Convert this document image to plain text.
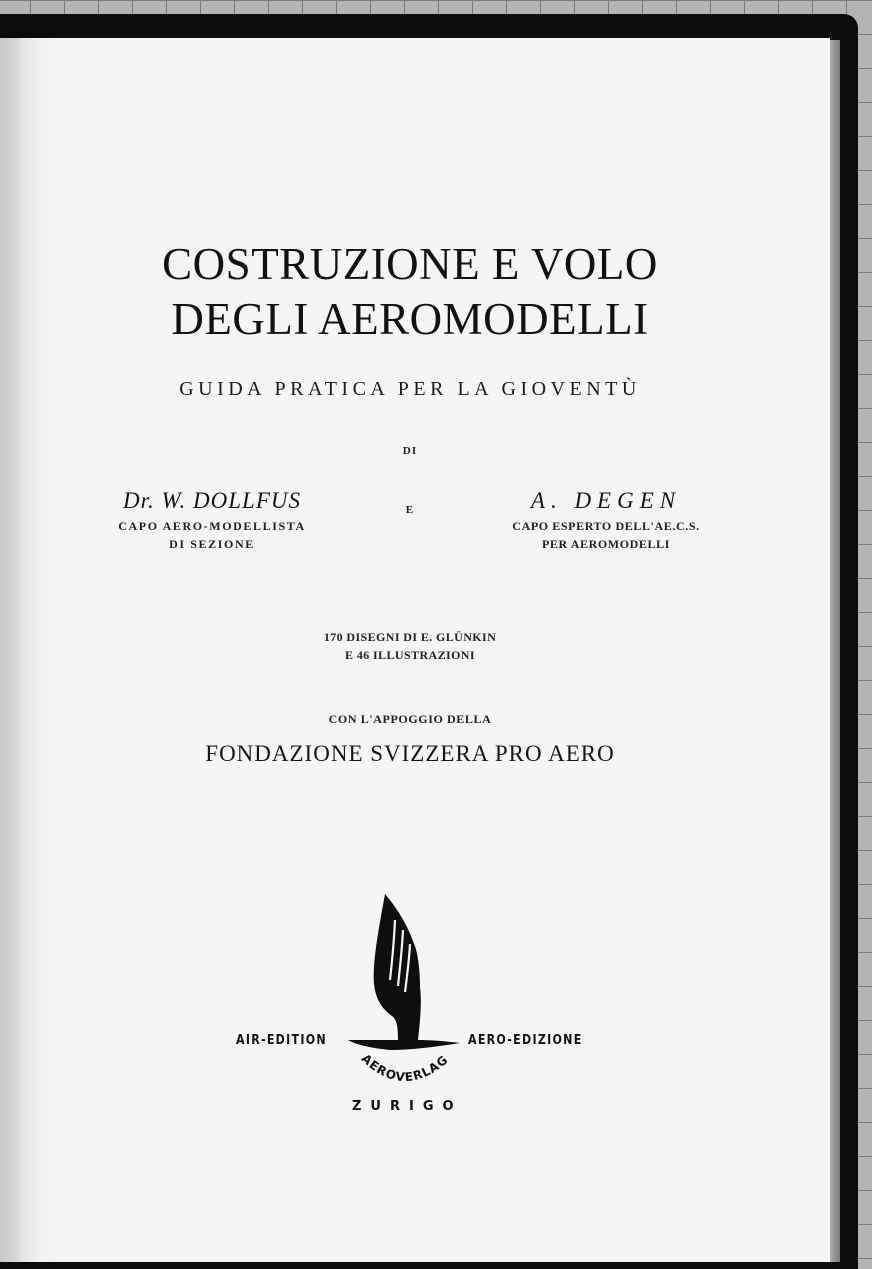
COSTRUZIONE E VOLO
DEGLI AEROMODELLI
GUIDA PRATICA PER LA GIOVENTÙ
DI
Dr. W. DOLLFUS
CAPO AERO-MODELLISTA
DI SEZIONE
E	A. DEGEN
CAPO ESPERTO DELL'AE.C.S.
PER AEROMODELLI
170 DISEGNI DI E. GLÜNKIN
E 46 ILLUSTRAZIONI
CON L'APPOGGIO DELLA
FONDAZIONE SVIZZERA PRO AERO
AEROVERLAG
AIR-EDITION	AERO-EDIZIONE
ZURIGO
